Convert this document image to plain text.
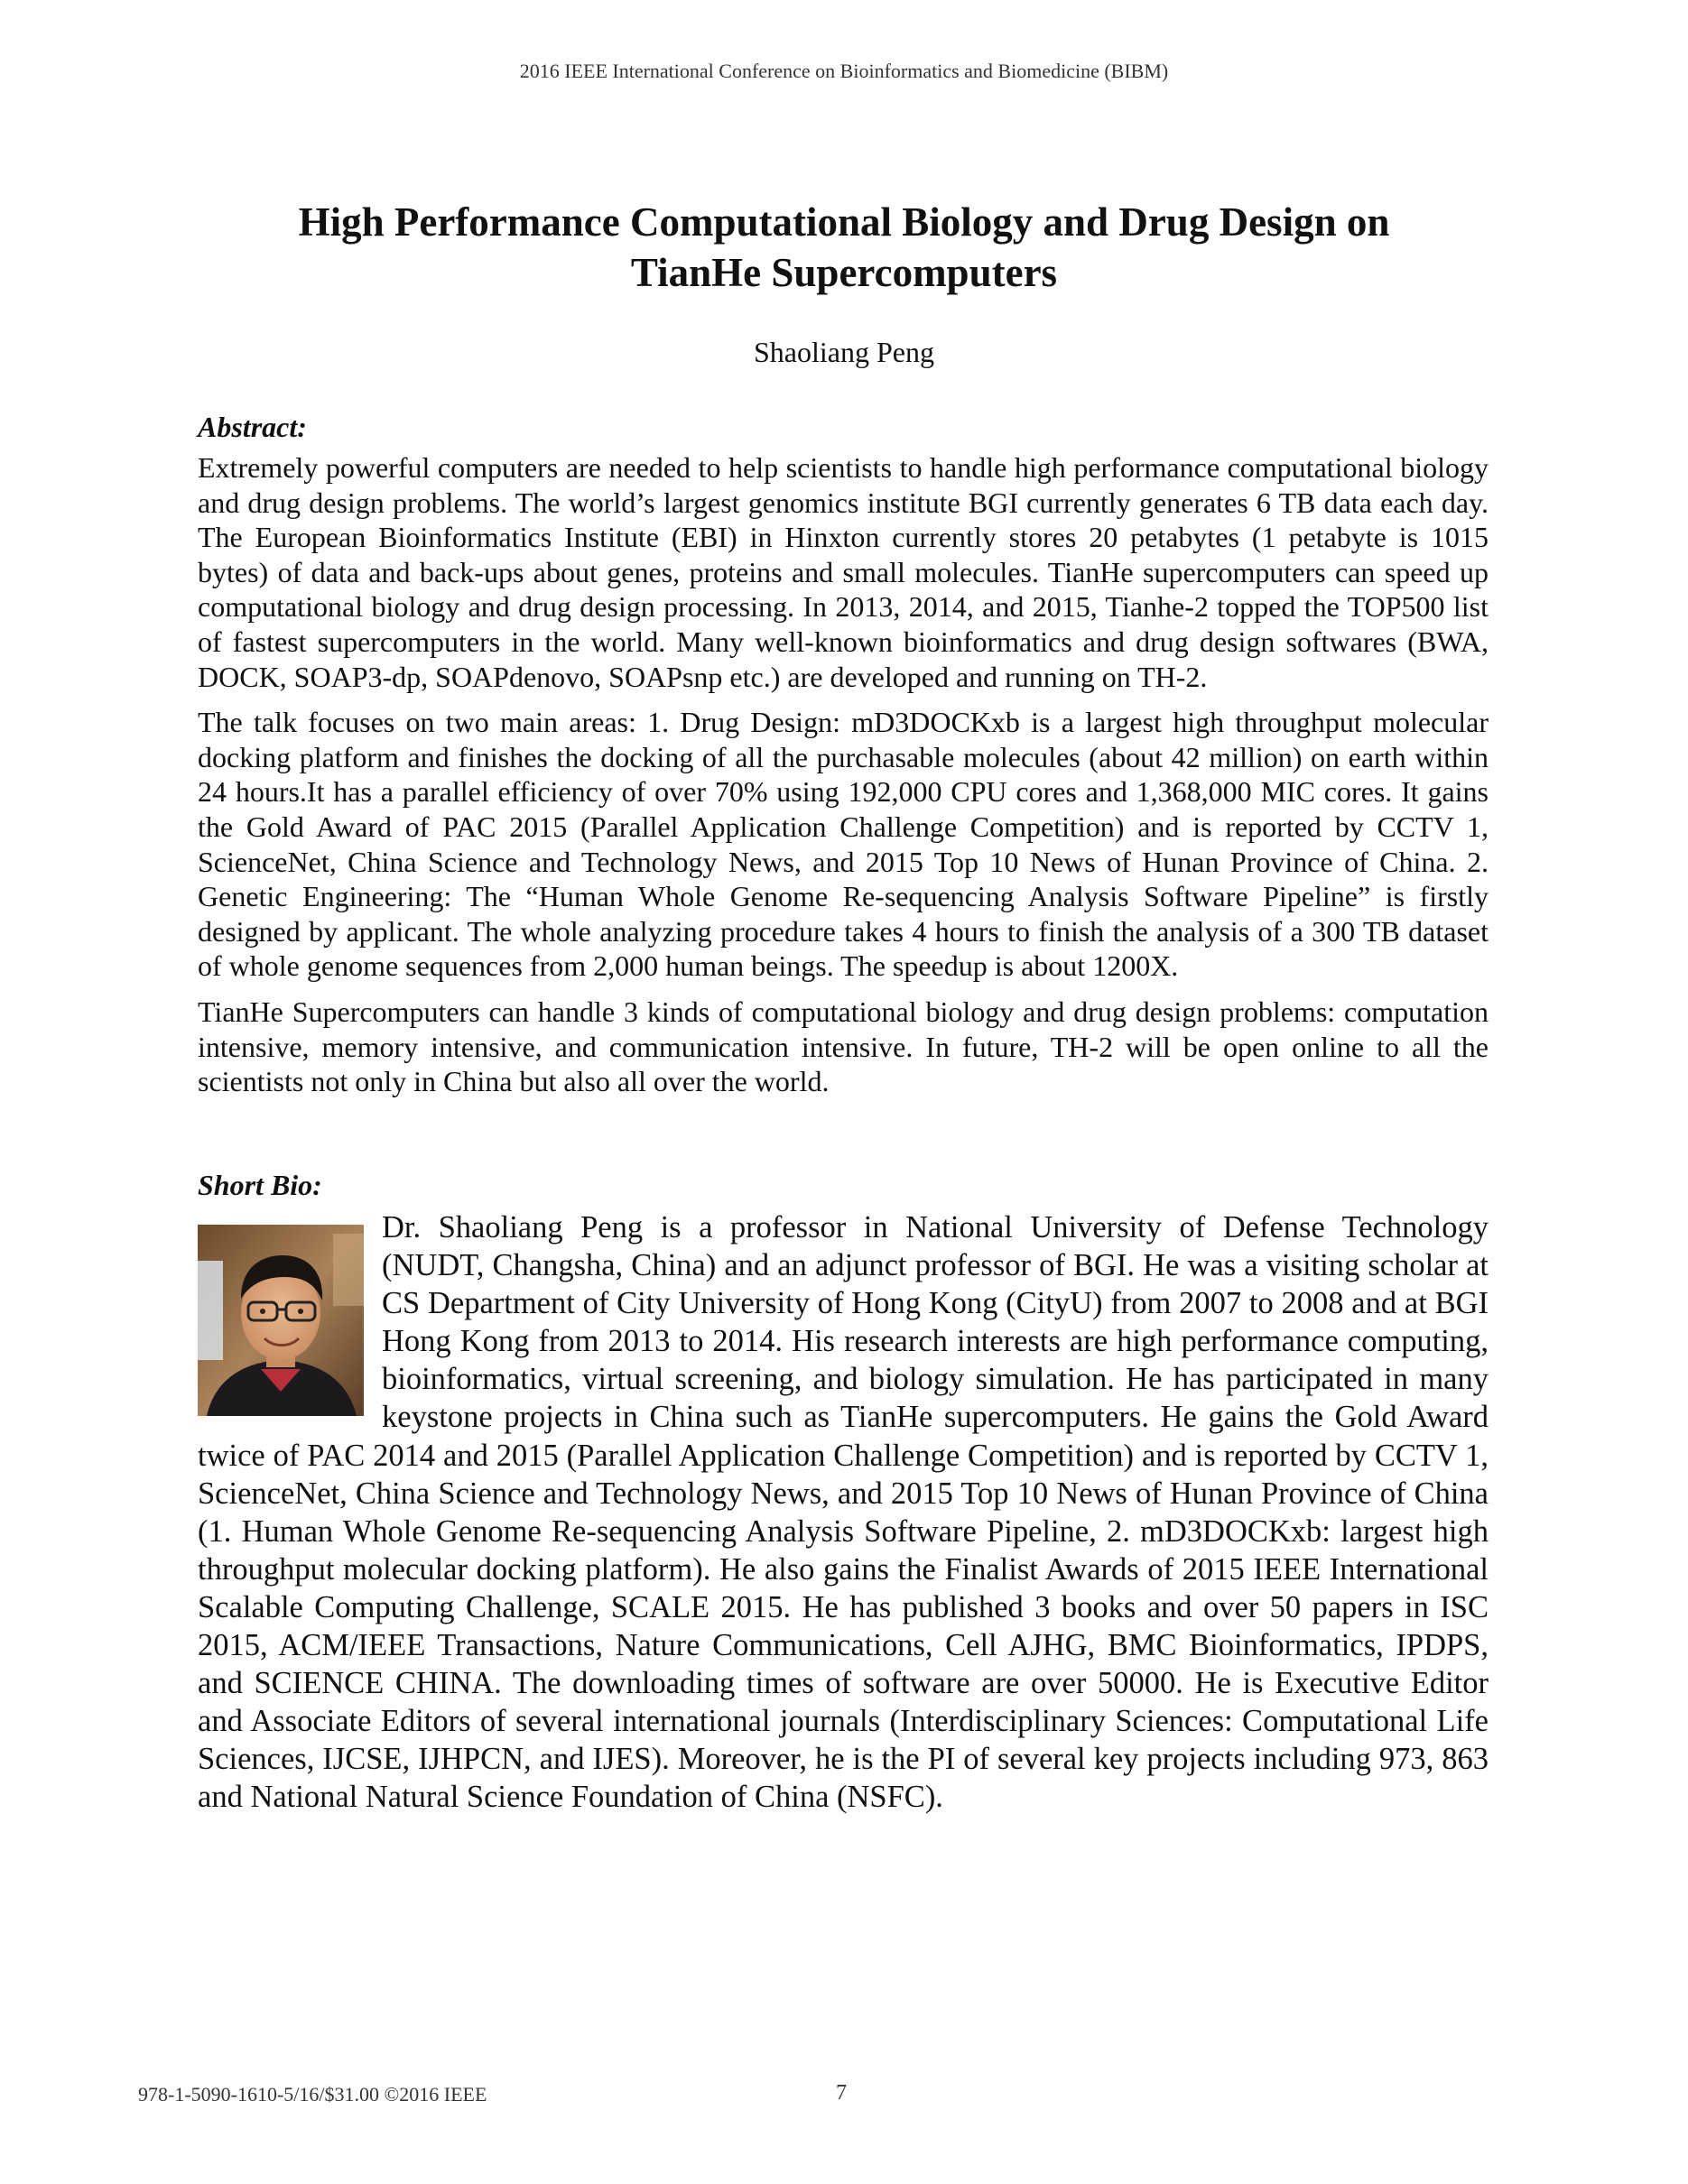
2016 IEEE International Conference on Bioinformatics and Biomedicine (BIBM)
High Performance Computational Biology and Drug Design on
TianHe Supercomputers
Shaoliang Peng
Abstract:

Extremely powerful computers are needed to help scientists to handle high performance computational biology and drug design problems. The world’s largest genomics institute BGI currently generates 6 TB data each day. The European Bioinformatics Institute (EBI) in Hinxton currently stores 20 petabytes (1 petabyte is 1015 bytes) of data and back-ups about genes, proteins and small molecules. TianHe supercomputers can speed up computational biology and drug design processing. In 2013, 2014, and 2015, Tianhe-2 topped the TOP500 list of fastest supercomputers in the world. Many well-known bioinformatics and drug design softwares (BWA, DOCK, SOAP3-dp, SOAPdenovo, SOAPsnp etc.) are developed and running on TH-2.

The talk focuses on two main areas: 1. Drug Design: mD3DOCKxb is a largest high throughput molecular docking platform and finishes the docking of all the purchasable molecules (about 42 million) on earth within 24 hours.It has a parallel efficiency of over 70% using 192,000 CPU cores and 1,368,000 MIC cores. It gains the Gold Award of PAC 2015 (Parallel Application Challenge Competition) and is reported by CCTV 1, ScienceNet, China Science and Technology News, and 2015 Top 10 News of Hunan Province of China. 2. Genetic Engineering: The “Human Whole Genome Re-sequencing Analysis Software Pipeline” is firstly designed by applicant. The whole analyzing procedure takes 4 hours to finish the analysis of a 300 TB dataset of whole genome sequences from 2,000 human beings. The speedup is about 1200X.

TianHe Supercomputers can handle 3 kinds of computational biology and drug design problems: computation intensive, memory intensive, and communication intensive. In future, TH-2 will be open online to all the scientists not only in China but also all over the world.

Short Bio:

Dr. Shaoliang Peng is a professor in National University of Defense Technology (NUDT, Changsha, China) and an adjunct professor of BGI. He was a visiting scholar at CS Department of City University of Hong Kong (CityU) from 2007 to 2008 and at BGI Hong Kong from 2013 to 2014. His research interests are high performance computing, bioinformatics, virtual screening, and biology simulation. He has participated in many keystone projects in China such as TianHe supercomputers. He gains the Gold Award twice of PAC 2014 and 2015 (Parallel Application Challenge Competition) and is reported by CCTV 1, ScienceNet, China Science and Technology News, and 2015 Top 10 News of Hunan Province of China (1. Human Whole Genome Re-sequencing Analysis Software Pipeline, 2. mD3DOCKxb: largest high throughput molecular docking platform). He also gains the Finalist Awards of 2015 IEEE International Scalable Computing Challenge, SCALE 2015. He has published 3 books and over 50 papers in ISC 2015, ACM/IEEE Transactions, Nature Communications, Cell AJHG, BMC Bioinformatics, IPDPS, and SCIENCE CHINA. The downloading times of software are over 50000. He is Executive Editor and Associate Editors of several international journals (Interdisciplinary Sciences: Computational Life Sciences, IJCSE, IJHPCN, and IJES). Moreover, he is the PI of several key projects including 973, 863 and National Natural Science Foundation of China (NSFC).

978-1-5090-1610-5/16/$31.00 ©2016 IEEE	7
